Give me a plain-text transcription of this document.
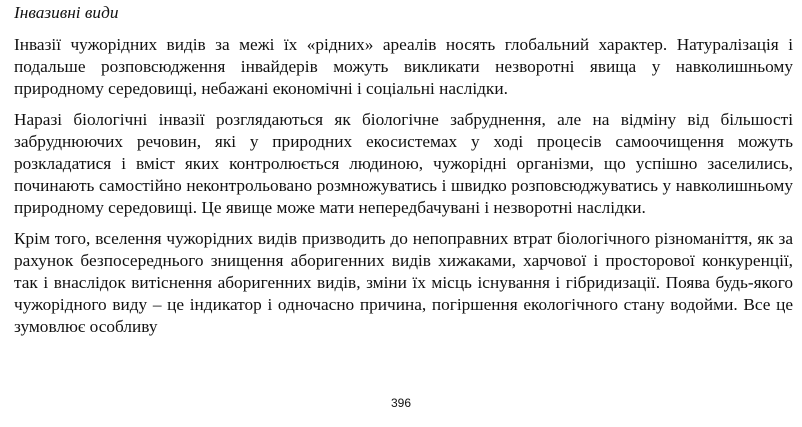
Інвазивні види

Інвазії чужорідних видів за межі їх «рідних» ареалів носять глобальний характер. Натуралізація і подальше розповсюдження інвайдерів можуть викликати незворотні явища у навколишньому природному середовищі, небажані економічні і соціальні наслідки.

Наразі біологічні інвазії розглядаються як біологічне забруднення, але на відміну від більшості забруднюючих речовин, які у природних екосистемах у ході процесів самоочищення можуть розкладатися і вміст яких контролюється людиною, чужорідні організми, що успішно заселились, починають самостійно неконтрольовано розмножуватись і швидко розповсюджуватись у навколишньому природному середовищі. Це явище може мати непередбачувані і незворотні наслідки.

Крім того, вселення чужорідних видів призводить до непоправних втрат біологічного різноманіття, як за рахунок безпосереднього знищення аборигенних видів хижаками, харчової і просторової конкуренції, так і внаслідок витіснення аборигенних видів, зміни їх місць існування і гібридизації. Поява будь-якого чужорідного виду – це індикатор і одночасно причина, погіршення екологічного стану водойми. Все це зумовлює особливу

396
